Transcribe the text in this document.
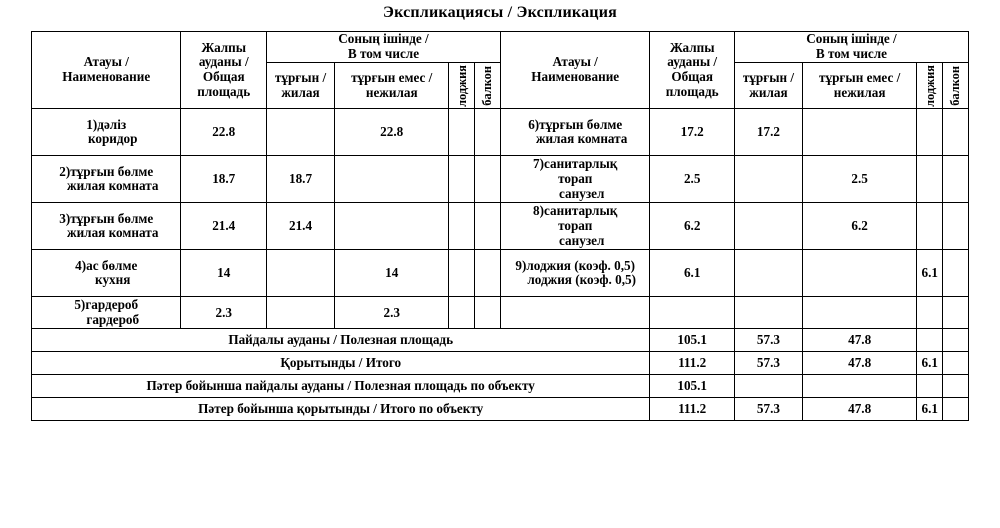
Экспликациясы / Экспликация
Атауы /
Наименование	Жалпы
ауданы /
Общая
площадь	Соның ішінде /
В том числе				Атауы /
Наименование	Жалпы
ауданы /
Общая
площадь	Соның ішінде /
В том числе			
		тұрғын /
жилая	тұрғын емес /
нежилая	лоджия	балкон			тұрғын /
жилая	тұрғын емес /
нежилая	лоджия	балкон

1)дәліз
коридор	22.8		22.8			6)тұрғын бөлме
жилая комната	17.2	17.2			

2)тұрғын бөлме
жилая комната	18.7	18.7				7)санитарлық
торап
санузел	2.5		2.5		

3)тұрғын бөлме
жилая комната	21.4	21.4				8)санитарлық
торап
санузел	6.2		6.2		

4)ас бөлме
кухня	14		14			9)лоджия (коэф. 0,5)
лоджия (коэф. 0,5)	6.1			6.1	

5)гардероб
гардероб	2.3		2.3			

Пайдалы ауданы / Полезная площадь							105.1	57.3	47.8		
Қорытынды / Итого							111.2	57.3	47.8	6.1	
Пәтер бойынша пайдалы ауданы / Полезная площадь по объекту							105.1				
Пәтер бойынша қорытынды / Итого по объекту							111.2	57.3	47.8	6.1	
